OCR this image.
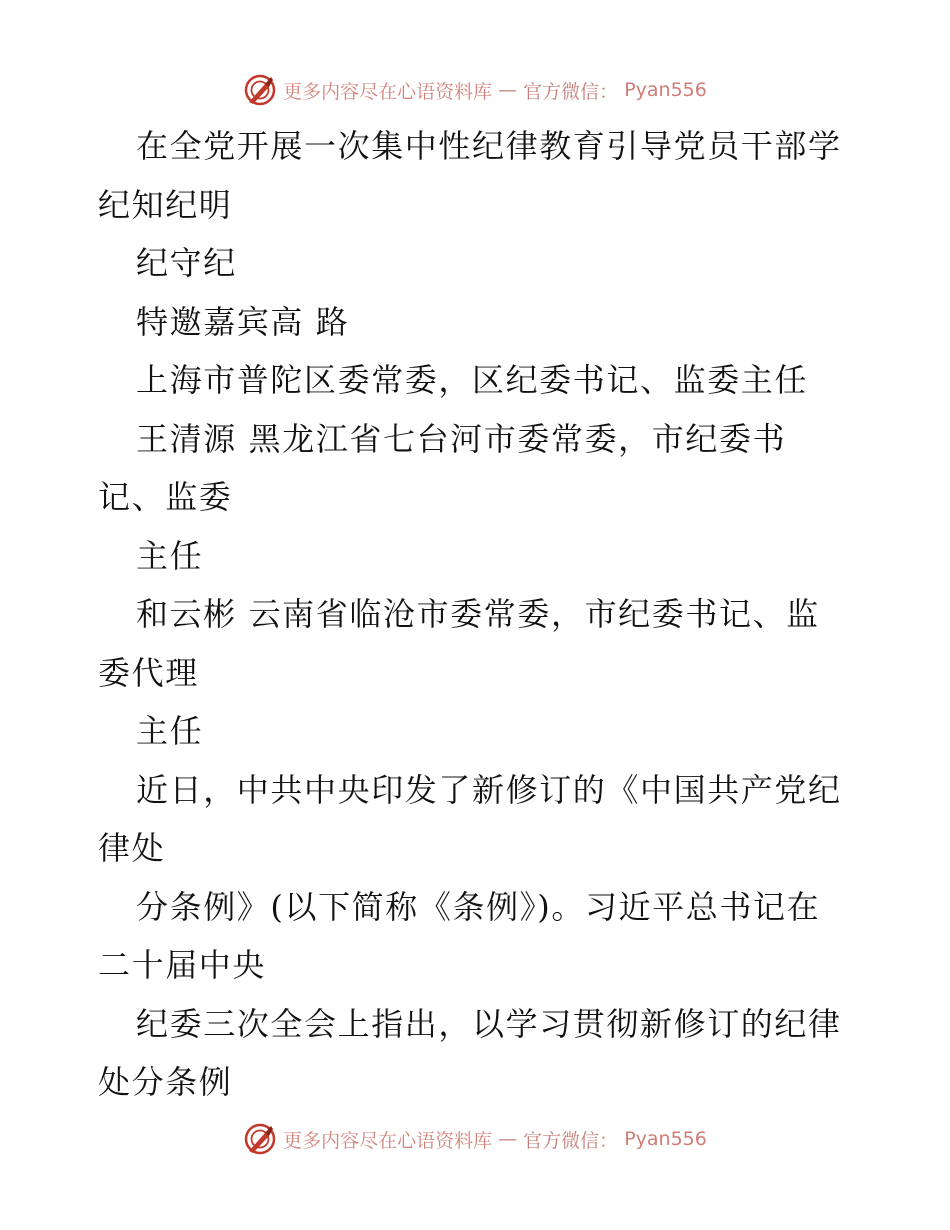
更多内容尽在心语资料库 — 官方微信： Pyan556
在全党开展一次集中性纪律教育引导党员干部学
纪知纪明
纪守纪
特邀嘉宾高 路
上海市普陀区委常委，区纪委书记、监委主任
王清源 黑龙江省七台河市委常委，市纪委书
记、监委
主任
和云彬 云南省临沧市委常委，市纪委书记、监
委代理
主任
近日，中共中央印发了新修订的《中国共产党纪
律处
分条例》(以下简称《条例》)。习近平总书记在
二十届中央
纪委三次全会上指出，以学习贯彻新修订的纪律
处分条例
更多内容尽在心语资料库 — 官方微信： Pyan556
